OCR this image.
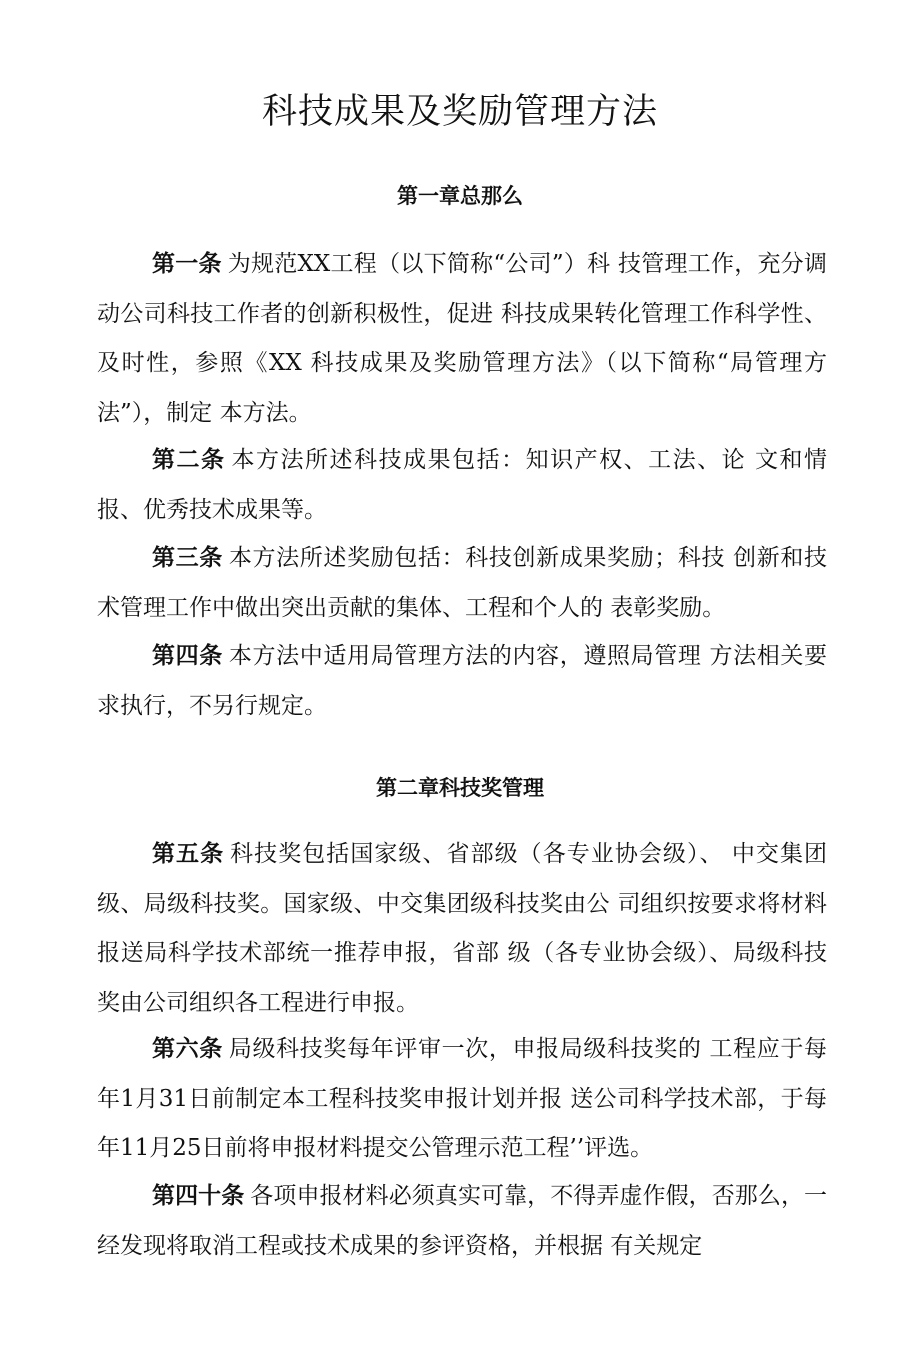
科技成果及奖励管理方法
第一章总那么

第一条 为规范XX工程（以下简称“公司”）科 技管理工作，充分调动公司科技工作者的创新积极性，促进 科技成果转化管理工作科学性、及时性，参照《XX 科技成果及奖励管理方法》（以下简称“局管理方法”），制定 本方法。

第二条 本方法所述科技成果包括：知识产权、工法、论 文和情报、优秀技术成果等。

第三条 本方法所述奖励包括：科技创新成果奖励；科技 创新和技术管理工作中做出突出贡献的集体、工程和个人的 表彰奖励。

第四条 本方法中适用局管理方法的内容，遵照局管理 方法相关要求执行，不另行规定。

第二章科技奖管理

第五条 科技奖包括国家级、省部级（各专业协会级）、 中交集团级、局级科技奖。国家级、中交集团级科技奖由公 司组织按要求将材料报送局科学技术部统一推荐申报，省部 级（各专业协会级）、局级科技奖由公司组织各工程进行申报。

第六条 局级科技奖每年评审一次，申报局级科技奖的 工程应于每年1月31日前制定本工程科技奖申报计划并报 送公司科学技术部，于每年11月25日前将申报材料提交公管理示范工程’’评选。

第四十条 各项申报材料必须真实可靠，不得弄虚作假，否那么，一经发现将取消工程或技术成果的参评资格，并根据 有关规定
